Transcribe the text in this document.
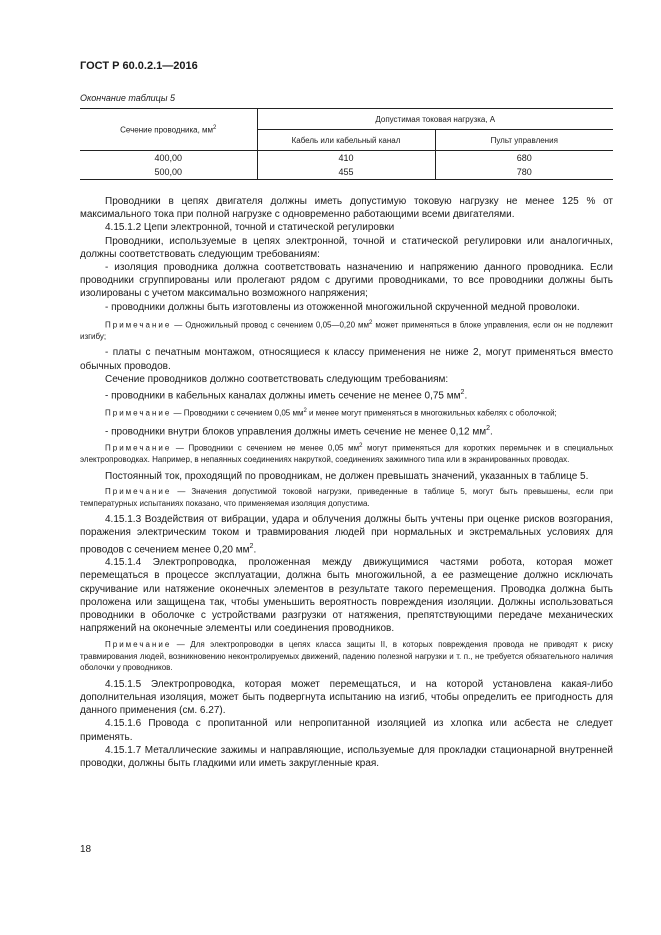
ГОСТ Р 60.0.2.1—2016
Окончание таблицы 5
Сечение проводника, $мм^2$	Допустимая токовая нагрузка, А	
	Кабель или кабельный канал	Пульт управления
400,00	410	680
500,00	455	780

Проводники в цепях двигателя должны иметь допустимую токовую нагрузку не менее 125 % от максимального тока при полной нагрузке с одновременно работающими всеми двигателями.

4.15.1.2 Цепи электронной, точной и статической регулировки

Проводники, используемые в цепях электронной, точной и статической регулировки или аналогичных, должны соответствовать следующим требованиям:

- изоляция проводника должна соответствовать назначению и напряжению данного проводника. Если проводники сгруппированы или пролегают рядом с другими проводниками, то все проводники должны быть изолированы с учетом максимально возможного напряжения;

- проводники должны быть изготовлены из отожженной многожильной скрученной медной проволоки.

Примечание — Одножильный провод с сечением 0,05—0,20 $мм^2$ может применяться в блоке управления, если он не подлежит изгибу;

- платы с печатным монтажом, относящиеся к классу применения не ниже 2, могут применяться вместо обычных проводов.

Сечение проводников должно соответствовать следующим требованиям:

- проводники в кабельных каналах должны иметь сечение не менее 0,75 $мм^2$.

Примечание — Проводники с сечением 0,05 $мм^2$ и менее могут применяться в многожильных кабелях с оболочкой;

- проводники внутри блоков управления должны иметь сечение не менее 0,12 $мм^2$.

Примечание — Проводники с сечением не менее 0,05 $мм^2$ могут применяться для коротких перемычек и в специальных электропроводках. Например, в непаянных соединениях накруткой, соединениях зажимного типа или в экранированных проводах.

Постоянный ток, проходящий по проводникам, не должен превышать значений, указанных в таблице 5.

Примечание — Значения допустимой токовой нагрузки, приведенные в таблице 5, могут быть превышены, если при температурных испытаниях показано, что применяемая изоляция допустима.

4.15.1.3 Воздействия от вибрации, удара и облучения должны быть учтены при оценке рисков возгорания, поражения электрическим током и травмирования людей при нормальных и экстремальных условиях для проводов с сечением менее 0,20 $мм^2$.

4.15.1.4 Электропроводка, проложенная между движущимися частями робота, которая может перемещаться в процессе эксплуатации, должна быть многожильной, а ее размещение должно исключать скручивание или натяжение оконечных элементов в результате такого перемещения. Проводка должна быть проложена или защищена так, чтобы уменьшить вероятность повреждения изоляции. Должны использоваться проводники в оболочке с устройствами разгрузки от натяжения, препятствующими передаче механических напряжений на оконечные элементы или соединения проводников.

Примечание — Для электропроводки в цепях класса защиты II, в которых повреждения провода не приводят к риску травмирования людей, возникновению неконтролируемых движений, падению полезной нагрузки и т. п., не требуется обязательного наличия оболочки у проводников.

4.15.1.5 Электропроводка, которая может перемещаться, и на которой установлена какая-либо дополнительная изоляция, может быть подвергнута испытанию на изгиб, чтобы определить ее пригодность для данного применения (см. 6.27).

4.15.1.6 Провода с пропитанной или непропитанной изоляцией из хлопка или асбеста не следует применять.

4.15.1.7 Металлические зажимы и направляющие, используемые для прокладки стационарной внутренней проводки, должны быть гладкими или иметь закругленные края.

18
